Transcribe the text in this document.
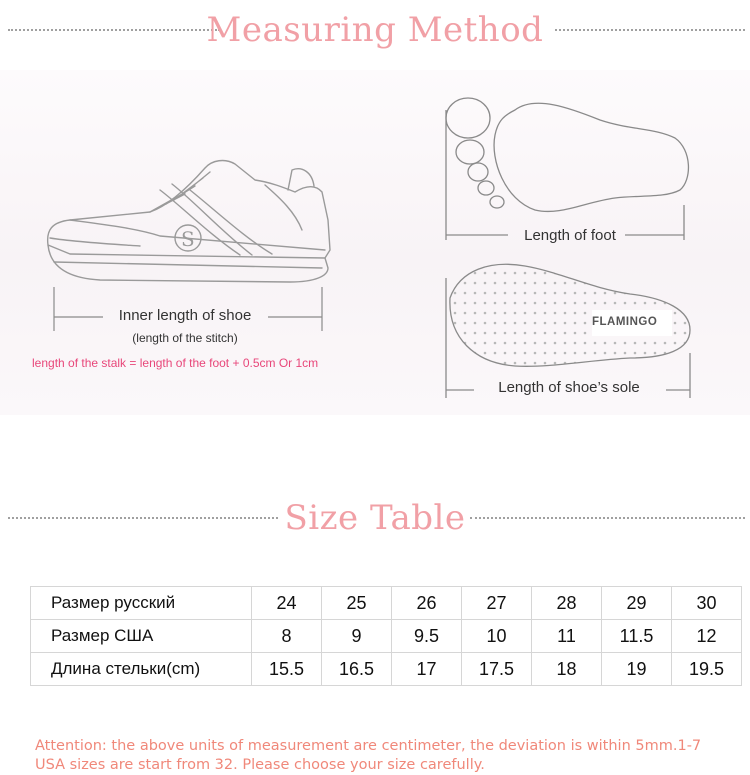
Measuring Method
S
Inner length of shoe
(length of the stitch)
length of the stalk = length of the foot + 0.5cm Or 1cm
Length of foot
FLAMINGO
Length of shoe’s sole
Size Table
Размер русский	24	25	26	27	28	29	30
Размер США	8	9	9.5	10	11	11.5	12
Длина стельки(cm)	15.5	16.5	17	17.5	18	19	19.5
Attention: the above units of measurement are centimeter, the deviation is within 5mm.1-7
USA sizes are start from 32. Please choose your size carefully.
